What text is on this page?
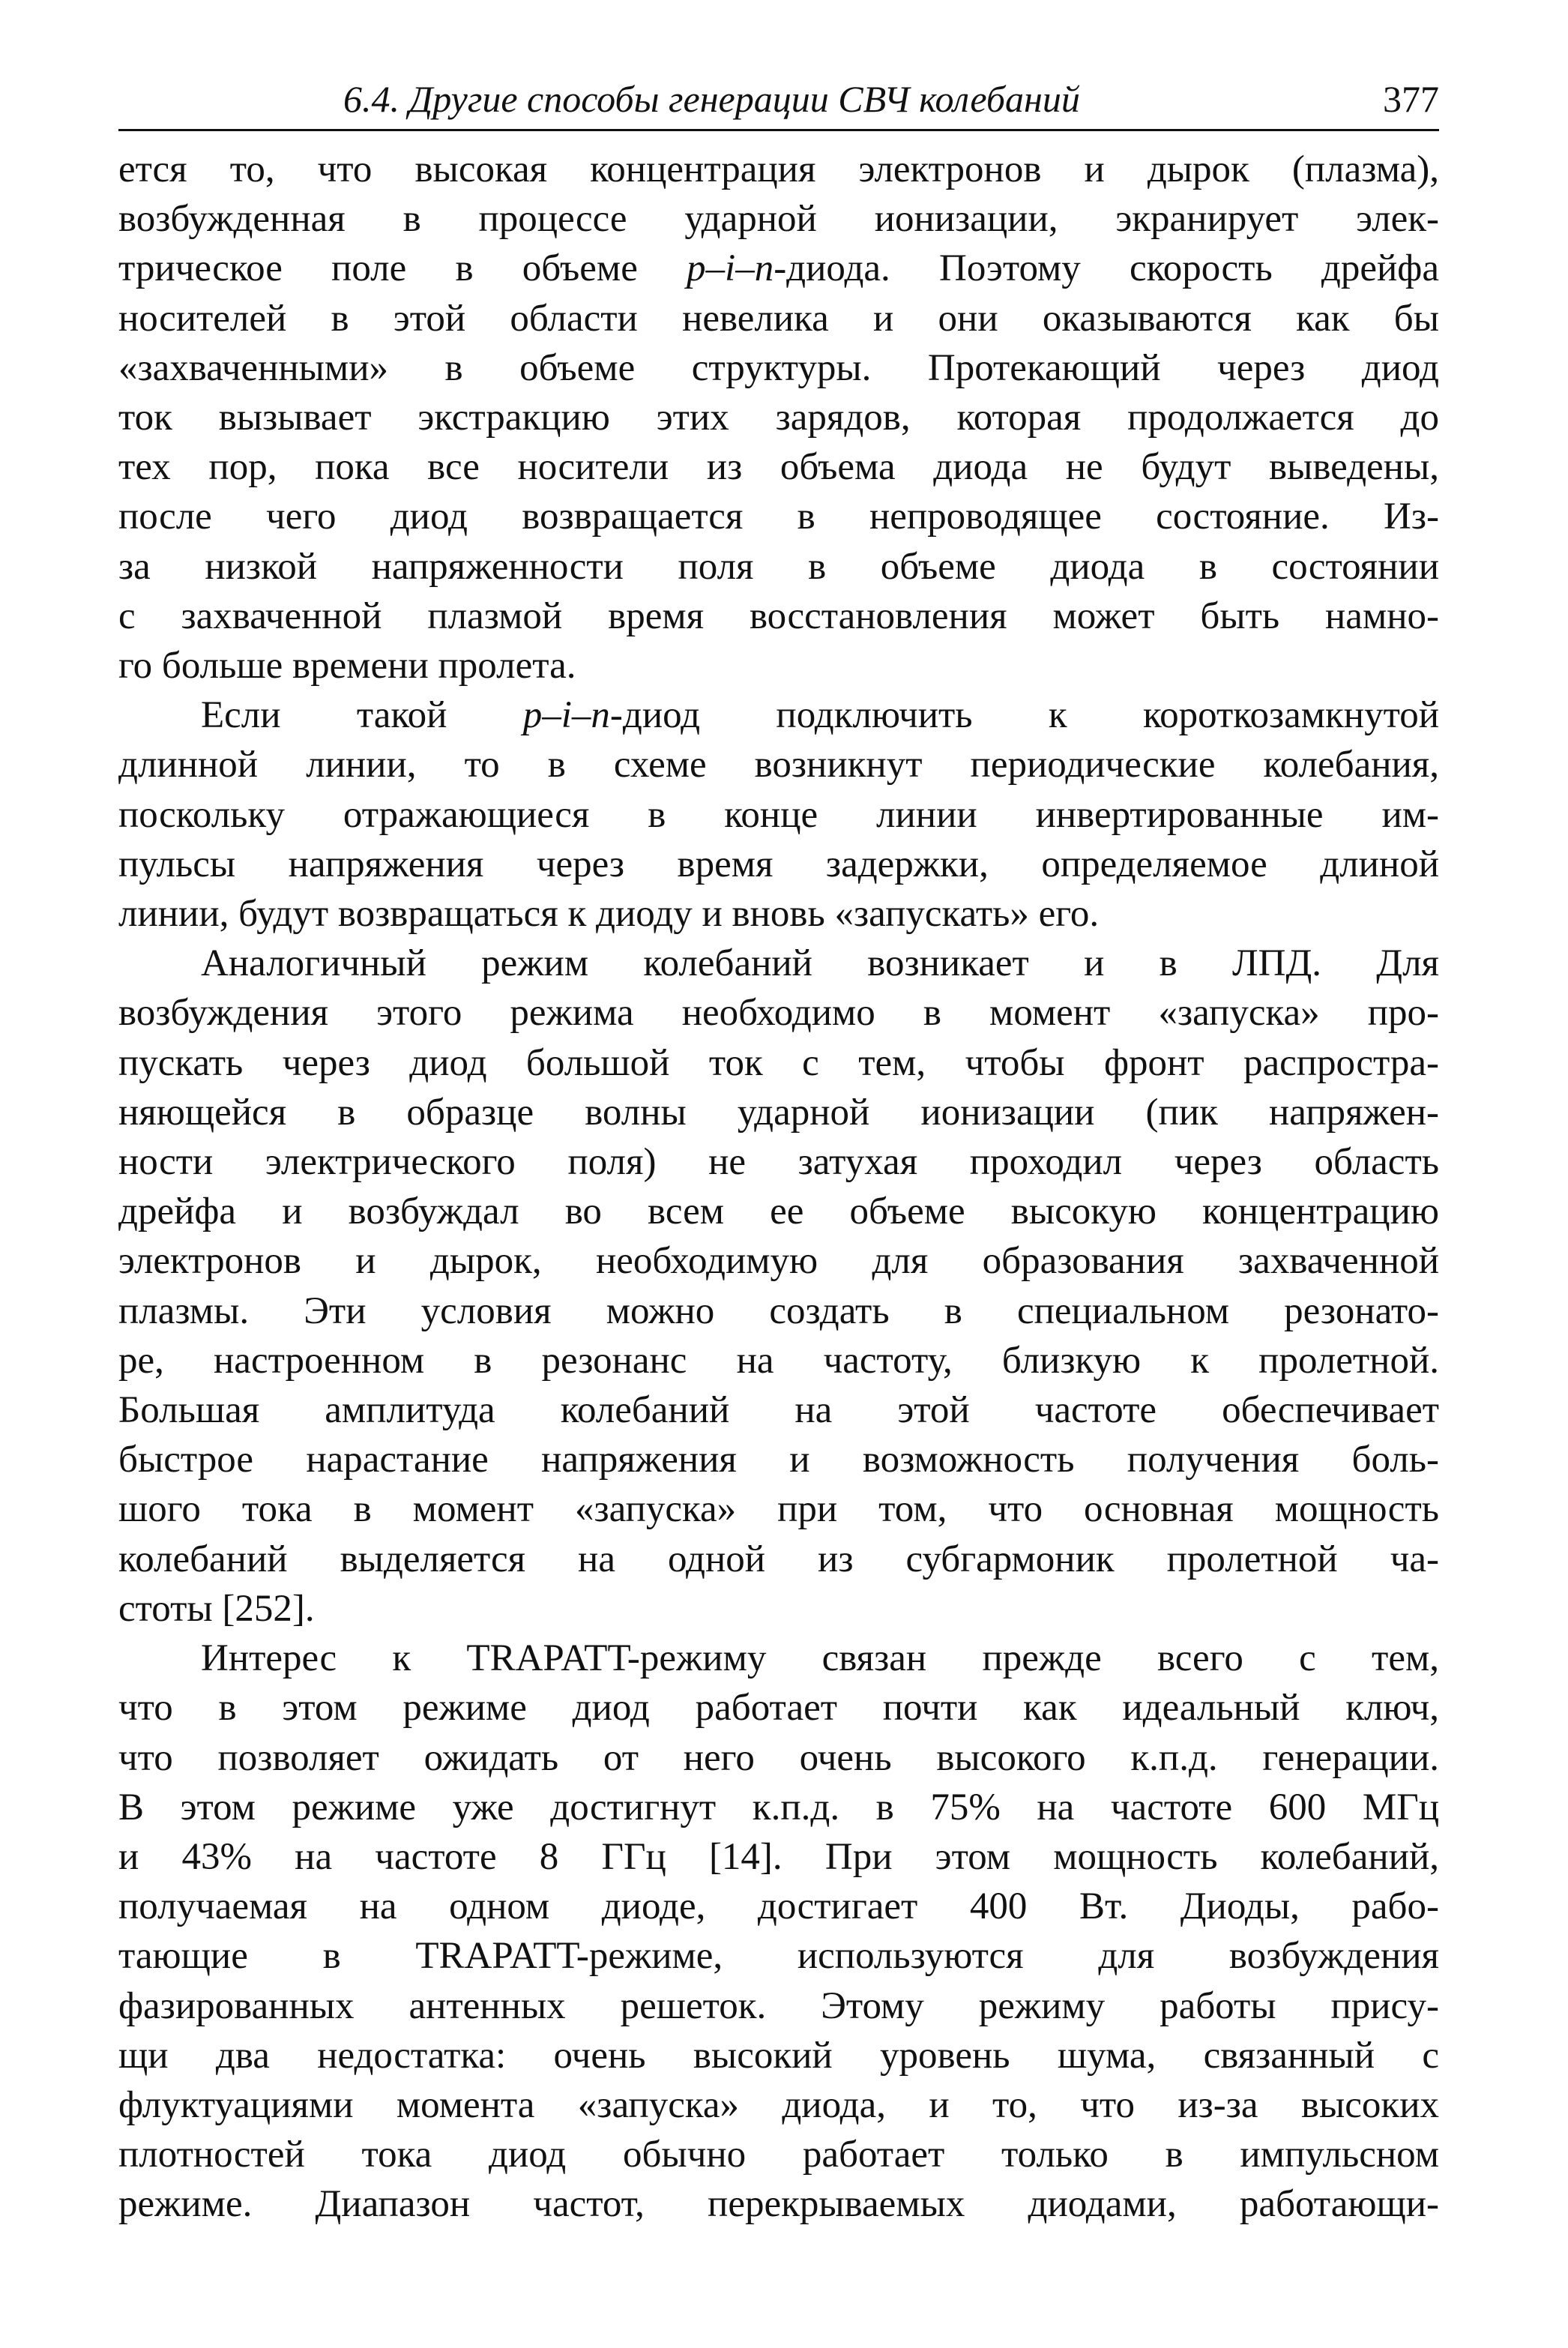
6.4. Другие способы генерации СВЧ колебаний	377
ется то, что высокая концентрация электронов и дырок (плазма),
возбужденная в процессе ударной ионизации, экранирует элек-
трическое поле в объеме p–i–n-диода. Поэтому скорость дрейфа
носителей в этой области невелика и они оказываются как бы
«захваченными» в объеме структуры. Протекающий через диод
ток вызывает экстракцию этих зарядов, которая продолжается до
тех пор, пока все носители из объема диода не будут выведены,
после чего диод возвращается в непроводящее состояние. Из-
за низкой напряженности поля в объеме диода в состоянии
с захваченной плазмой время восстановления может быть намно-
го больше времени пролета.
Если такой p–i–n-диод подключить к короткозамкнутой
длинной линии, то в схеме возникнут периодические колебания,
поскольку отражающиеся в конце линии инвертированные им-
пульсы напряжения через время задержки, определяемое длиной
линии, будут возвращаться к диоду и вновь «запускать» его.
Аналогичный режим колебаний возникает и в ЛПД. Для
возбуждения этого режима необходимо в момент «запуска» про-
пускать через диод большой ток с тем, чтобы фронт распростра-
няющейся в образце волны ударной ионизации (пик напряжен-
ности электрического поля) не затухая проходил через область
дрейфа и возбуждал во всем ее объеме высокую концентрацию
электронов и дырок, необходимую для образования захваченной
плазмы. Эти условия можно создать в специальном резонато-
ре, настроенном в резонанс на частоту, близкую к пролетной.
Большая амплитуда колебаний на этой частоте обеспечивает
быстрое нарастание напряжения и возможность получения боль-
шого тока в момент «запуска» при том, что основная мощность
колебаний выделяется на одной из субгармоник пролетной ча-
стоты [252].
Интерес к TRAPATT-режиму связан прежде всего с тем,
что в этом режиме диод работает почти как идеальный ключ,
что позволяет ожидать от него очень высокого к.п.д. генерации.
В этом режиме уже достигнут к.п.д. в 75% на частоте 600 МГц
и 43% на частоте 8 ГГц [14]. При этом мощность колебаний,
получаемая на одном диоде, достигает 400 Вт. Диоды, рабо-
тающие в TRAPATT-режиме, используются для возбуждения
фазированных антенных решеток. Этому режиму работы прису-
щи два недостатка: очень высокий уровень шума, связанный с
флуктуациями момента «запуска» диода, и то, что из-за высоких
плотностей тока диод обычно работает только в импульсном
режиме. Диапазон частот, перекрываемых диодами, работающи-
